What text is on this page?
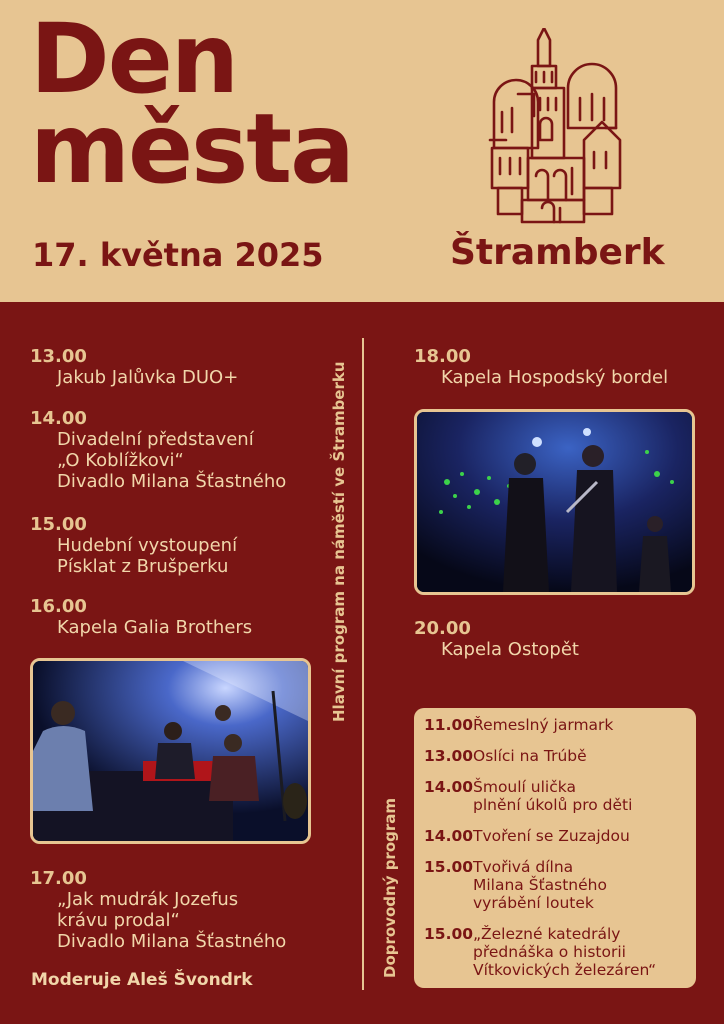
Den
města
17. května 2025	Štramberk
13.00
Jakub Jalůvka DUO+
14.00
Divadelní představení
„O Koblížkovi“
Divadlo Milana Šťastného
15.00
Hudební vystoupení
Písklat z Brušperku
16.00
Kapela Galia Brothers
17.00
„Jak mudrák Jozefus
krávu prodal“
Divadlo Milana Šťastného
Moderuje Aleš Švondrk
Hlavní program na náměstí ve Štramberku
Doprovodný program
18.00
Kapela Hospodský bordel
20.00
Kapela Ostopět
11.00Řemeslný jarmark
13.00Oslíci na Trúbě
14.00Šmoulí ulička
plnění úkolů pro děti
14.00Tvoření se Zuzajdou
15.00Tvořivá dílna
Milana Šťastného
vyrábění loutek
15.00„Železné katedrály
přednáška o historii
Vítkovických železáren“
